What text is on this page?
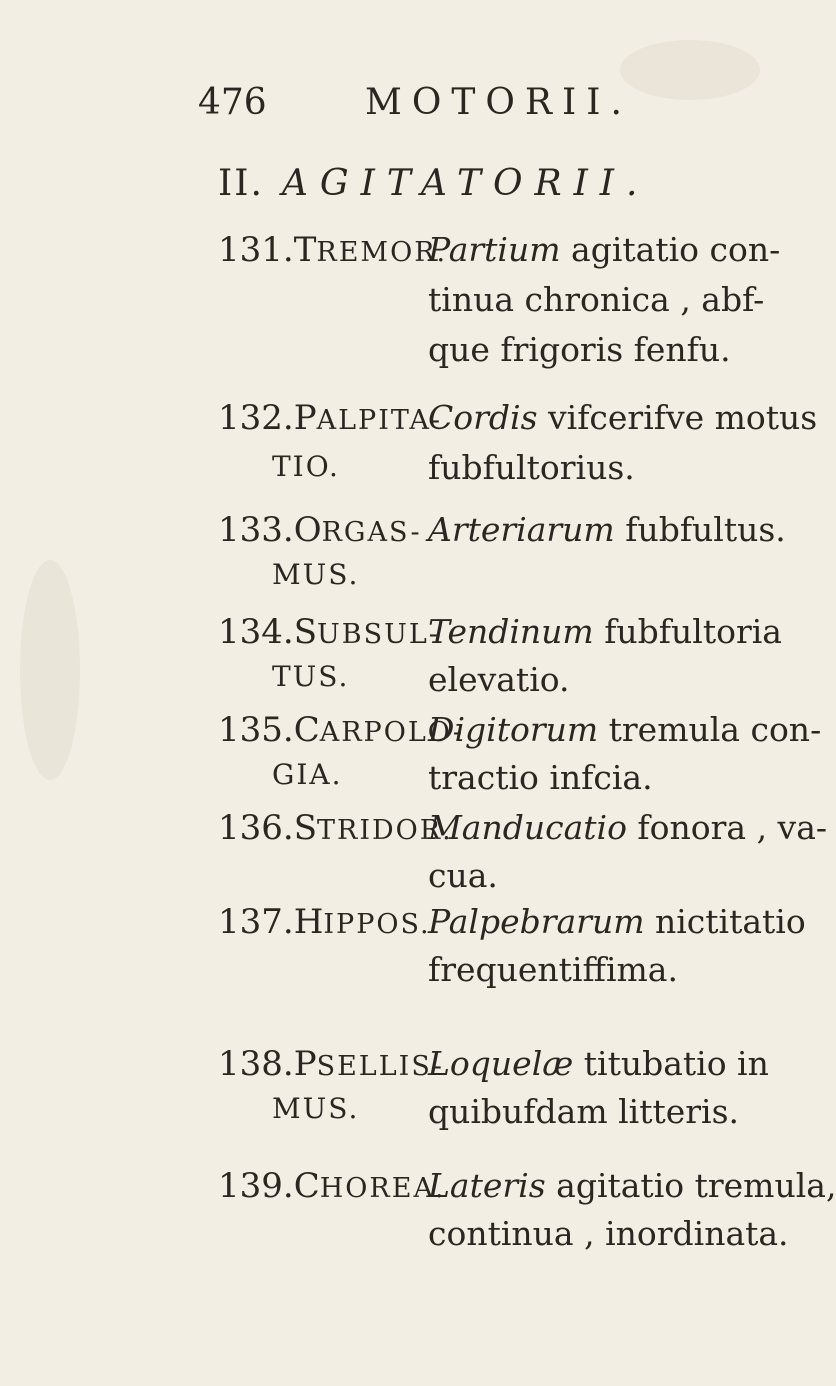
476	MOTORII.
II. AGITATORII.
131.TREMOR.
Partium agitatio con-
tinua chronica , abf-
que frigoris fenfu.
132.PALPITA-
TIO.
Cordis vifcerifve motus
fubfultorius.
133.ORGAS-
MUS.
Arteriarum fubfultus.
134.SUBSUL-
TUS.
Tendinum fubfultoria
elevatio.
135.CARPOLO-
GIA.
Digitorum tremula con-
tractio infcia.
136.STRIDOR.
Manducatio fonora , va-
cua.
137.HIPPOS.
Palpebrarum nictitatio
frequentiffima.
138.PSELLIS-
MUS.
Loquelæ titubatio in
quibufdam litteris.
139.CHOREA.
Lateris agitatio tremula,
continua , inordinata.
